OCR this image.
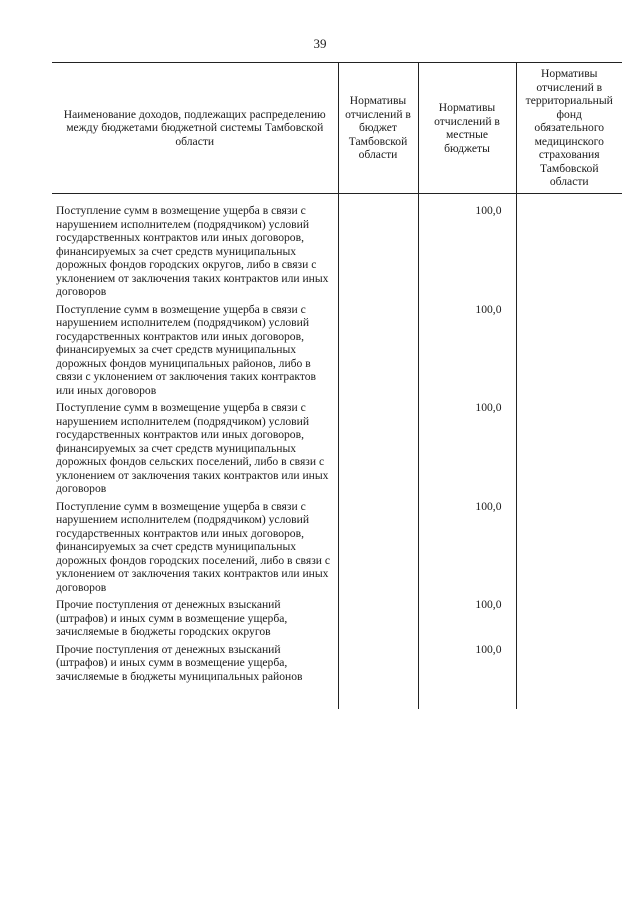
39
Наименование доходов, подлежащих распределению между бюджетами бюджетной системы Тамбовской области	Нормативы отчислений в бюджет Тамбовской области	Нормативы отчислений в местные бюджеты	Нормативы отчислений в территориальный фонд обязательного медицинского страхования Тамбовской области
Поступление сумм в возмещение ущерба в связи с нарушением исполнителем (подрядчиком) условий государственных контрактов или иных договоров, финансируемых за счет средств муниципальных дорожных фондов городских округов, либо в связи с уклонением от заключения таких контрактов или иных договоров		100,0	
Поступление сумм в возмещение ущерба в связи с нарушением исполнителем (подрядчиком) условий государственных контрактов или иных договоров, финансируемых за счет средств муниципальных дорожных фондов муниципальных районов, либо в связи с уклонением от заключения таких контрактов или иных договоров		100,0	
Поступление сумм в возмещение ущерба в связи с нарушением исполнителем (подрядчиком) условий государственных контрактов или иных договоров, финансируемых за счет средств муниципальных дорожных фондов сельских поселений, либо в связи с уклонением от заключения таких контрактов или иных договоров		100,0	
Поступление сумм в возмещение ущерба в связи с нарушением исполнителем (подрядчиком) условий государственных контрактов или иных договоров, финансируемых за счет средств муниципальных дорожных фондов городских поселений, либо в связи с уклонением от заключения таких контрактов или иных договоров		100,0	
Прочие поступления от денежных взысканий (штрафов) и иных сумм в возмещение ущерба, зачисляемые в бюджеты городских округов		100,0	
Прочие поступления от денежных взысканий (штрафов) и иных сумм в возмещение ущерба, зачисляемые в бюджеты муниципальных районов		100,0	
